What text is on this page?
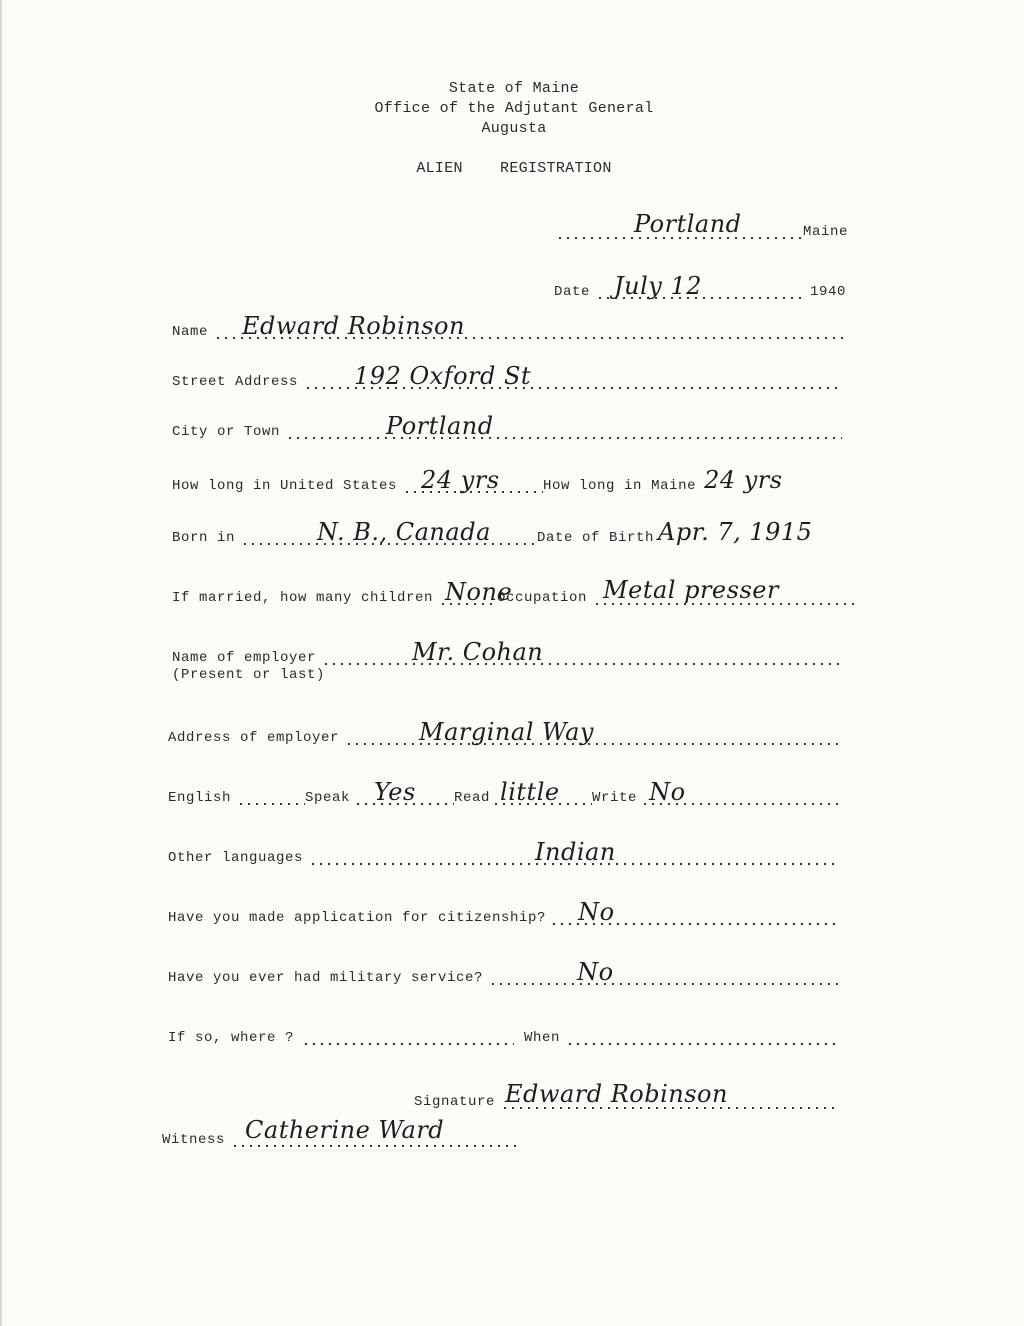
State of Maine
Office of the Adjutant General
Augusta
ALIEN    REGISTRATION
Portland	Maine
Date July 12	1940
Name Edward Robinson
Street Address 192 Oxford St
City or Town	Portland
How long in United States 24 yrs	How long in Maine 24 yrs
Born in	N. B., Canada	Date of Birth Apr. 7, 1915
If married, how many children None
Occupation Metal presser
Name of employer	Mr. Cohan
(Present or last)
Address of employer	Marginal Way
English	Speak Yes	Read little Write No
Other languages	Indian
Have you made application for citizenship? No
Have you ever had military service?	No
If so, where ?	When
Signature Edward Robinson
Witness Catherine Ward
